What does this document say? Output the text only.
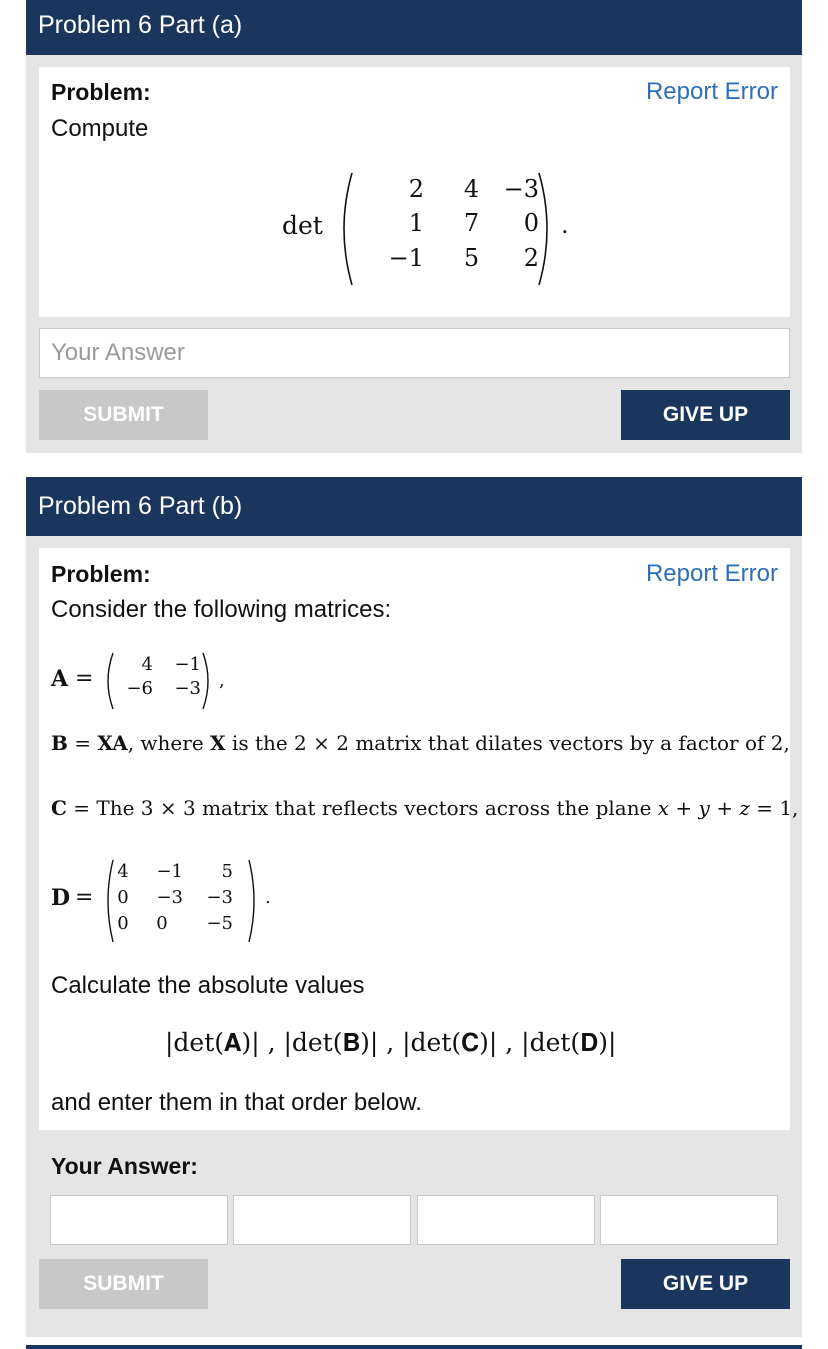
Problem 6 Part (a)
Problem:	Report Error
Compute
det
2	4	−3
1	7	0
−1	5	2
.
Your Answer
SUBMIT	GIVE UP
Problem 6 Part (b)
Problem:	Report Error
Consider the following matrices:
A =
4	−1
−6	−3 ,
B = XA, where X is the 2 × 2 matrix that dilates vectors by a factor of 2,
C = The 3 × 3 matrix that reflects vectors across the plane 𝑥 + 𝑦 + 𝑧 = 1,
D =
4	−1	5
0	−3	−3
0	0	−5
.
Calculate the absolute values
|det(𝐀)| , |det(𝐁)| , |det(𝐂)| , |det(𝐃)|
and enter them in that order below.
Your Answer:
SUBMIT	GIVE UP
